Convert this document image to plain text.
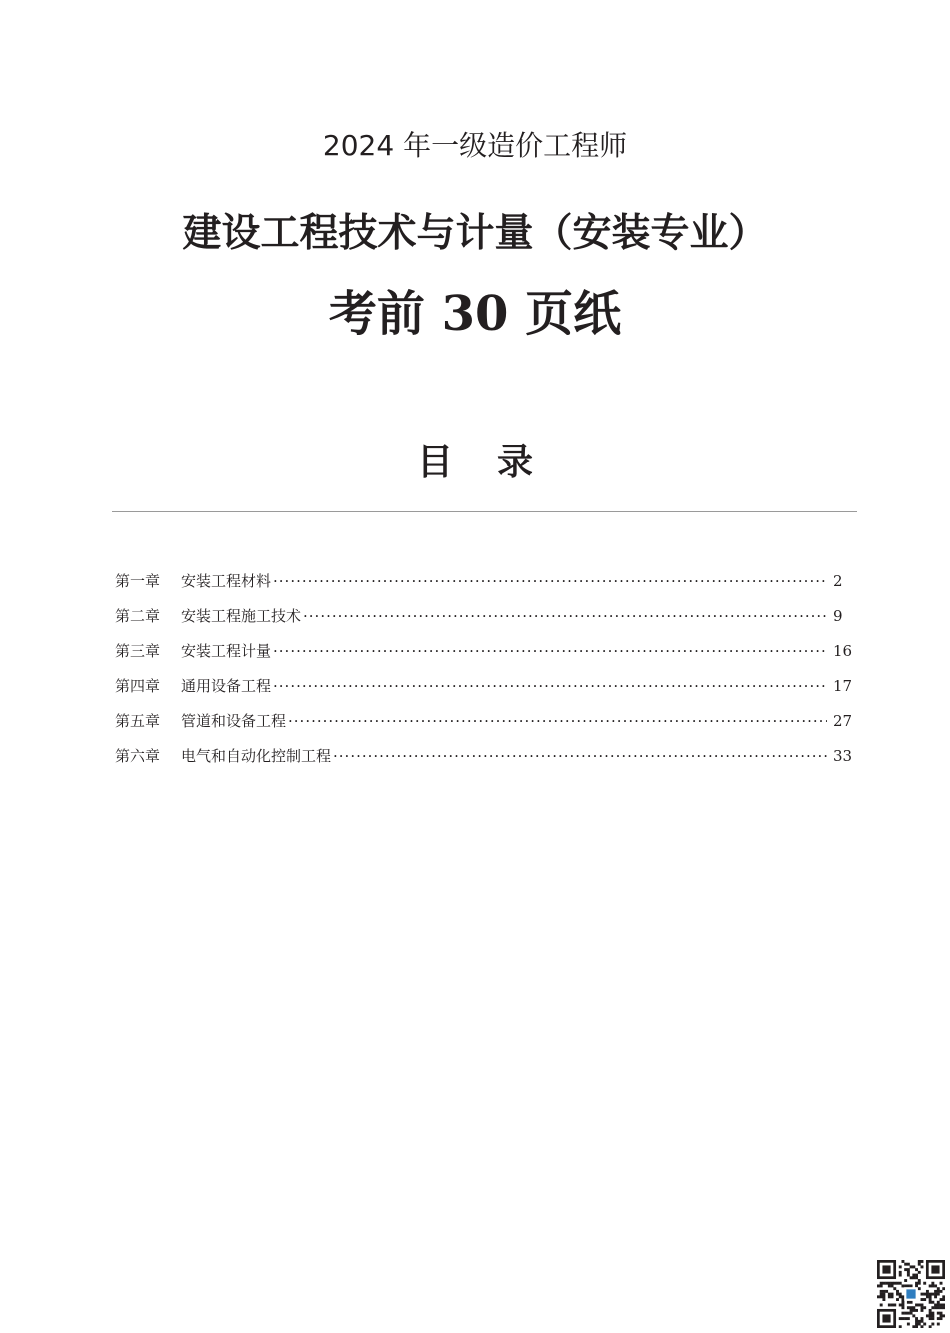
2024 年一级造价工程师
建设工程技术与计量（安装专业）
考前 30 页纸
目录
第一章	安装工程材料 ·····	2
第二章	安装工程施工技术 ·····	9
第三章	安装工程计量 ·····	16
第四章	通用设备工程 ·····	17
第五章	管道和设备工程 ·····	27
第六章	电气和自动化控制工程 ·····	33
